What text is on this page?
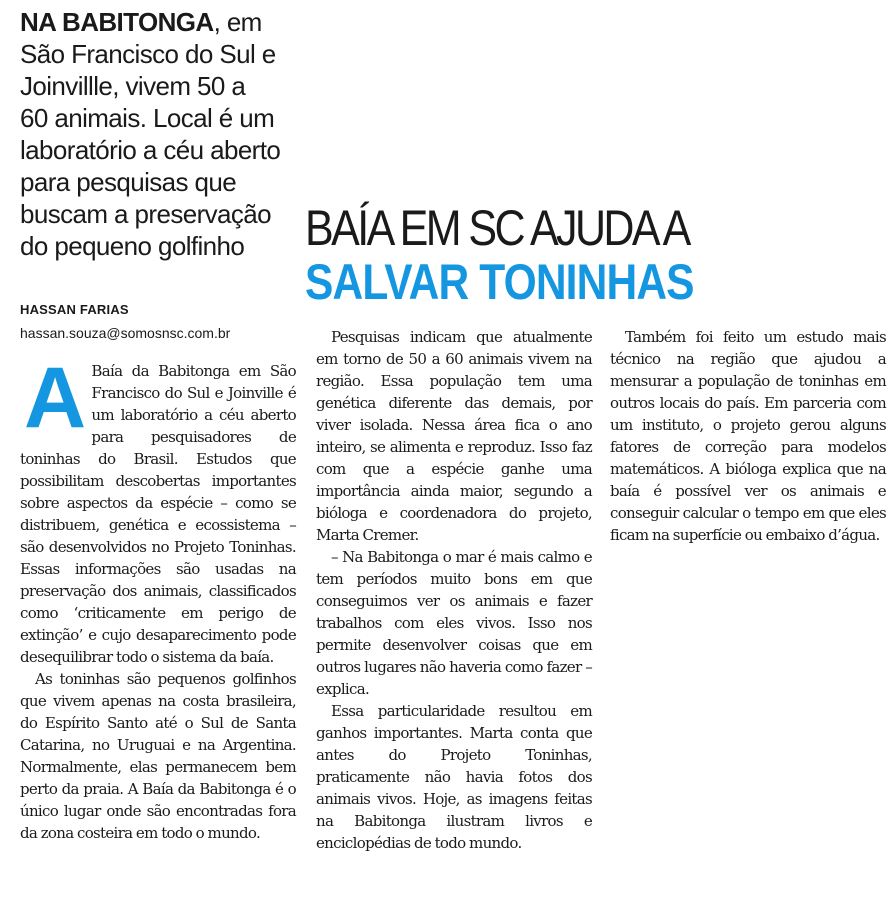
NA BABITONGA, em
São Francisco do Sul e
Joinvillle, vivem 50 a
60 animais. Local é um
laboratório a céu aberto
para pesquisas que
buscam a preservação
do pequeno golfinho	BAÍA EM SC AJUDA A
SALVAR TONINHAS
HASSAN FARIAS
hassan.souza@somosnsc.com.br

A Baía da Babitonga em São Francisco do Sul e Joinville é um laboratório a céu aberto para pesquisadores de toninhas do Brasil. Estudos que possibilitam descobertas importantes sobre aspectos da espécie – como se distribuem, genética e ecossistema – são desenvolvidos no Projeto Toninhas. Essas informações são usadas na preservação dos animais, classificados como ‘criticamente em perigo de extinção’ e cujo desaparecimento pode desequilibrar todo o sistema da baía.

As toninhas são pequenos golfinhos que vivem apenas na costa brasileira, do Espírito Santo até o Sul de Santa Catarina, no Uruguai e na Argentina. Normalmente, elas permanecem bem perto da praia. A Baía da Babitonga é o único lugar onde são encontradas fora da zona costeira em todo o mundo.

Pesquisas indicam que atualmente em torno de 50 a 60 animais vivem na região. Essa população tem uma genética diferente das demais, por viver isolada. Nessa área fica o ano inteiro, se alimenta e reproduz. Isso faz com que a espécie ganhe uma importância ainda maior, segundo a bióloga e coordenadora do projeto, Marta Cremer.

– Na Babitonga o mar é mais calmo e tem períodos muito bons em que conseguimos ver os animais e fazer trabalhos com eles vivos. Isso nos permite desenvolver coisas que em outros lugares não haveria como fazer – explica.

Essa particularidade resultou em ganhos importantes. Marta conta que antes do Projeto Toninhas, praticamente não havia fotos dos animais vivos. Hoje, as imagens feitas na Babitonga ilustram livros e enciclopédias de todo mundo.

Também foi feito um estudo mais técnico na região que ajudou a mensurar a população de toninhas em outros locais do país. Em parceria com um instituto, o projeto gerou alguns fatores de correção para modelos matemáticos. A bióloga explica que na baía é possível ver os animais e conseguir calcular o tempo em que eles ficam na superfície ou embaixo d’água.
